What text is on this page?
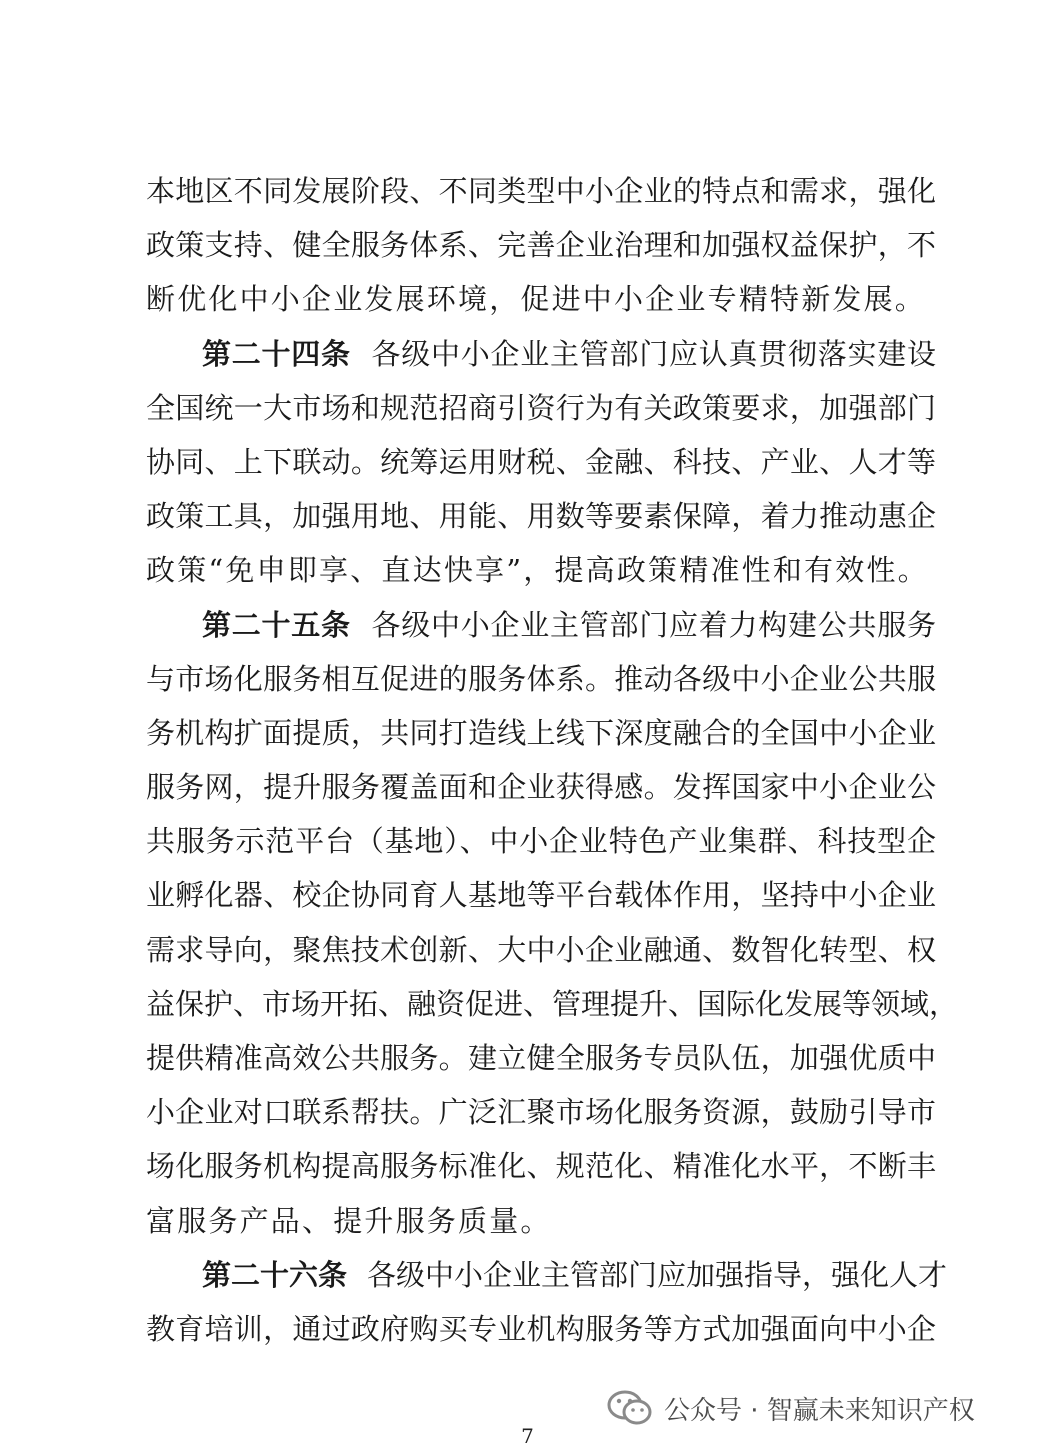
本地区不同发展阶段、不同类型中小企业的特点和需求，强化
政策支持、健全服务体系、完善企业治理和加强权益保护，不
断优化中小企业发展环境，促进中小企业专精特新发展。
第二十四条 各级中小企业主管部门应认真贯彻落实建设
全国统一大市场和规范招商引资行为有关政策要求，加强部门
协同、上下联动。统筹运用财税、金融、科技、产业、人才等
政策工具，加强用地、用能、用数等要素保障，着力推动惠企
政策“免申即享、直达快享”，提高政策精准性和有效性。
第二十五条 各级中小企业主管部门应着力构建公共服务
与市场化服务相互促进的服务体系。推动各级中小企业公共服
务机构扩面提质，共同打造线上线下深度融合的全国中小企业
服务网，提升服务覆盖面和企业获得感。发挥国家中小企业公
共服务示范平台（基地）、中小企业特色产业集群、科技型企
业孵化器、校企协同育人基地等平台载体作用，坚持中小企业
需求导向，聚焦技术创新、大中小企业融通、数智化转型、权
益保护、市场开拓、融资促进、管理提升、国际化发展等领域，
提供精准高效公共服务。建立健全服务专员队伍，加强优质中
小企业对口联系帮扶。广泛汇聚市场化服务资源，鼓励引导市
场化服务机构提高服务标准化、规范化、精准化水平，不断丰
富服务产品、提升服务质量。
第二十六条 各级中小企业主管部门应加强指导，强化人才
教育培训，通过政府购买专业机构服务等方式加强面向中小企
公众号 · 智赢未来知识产权
7
